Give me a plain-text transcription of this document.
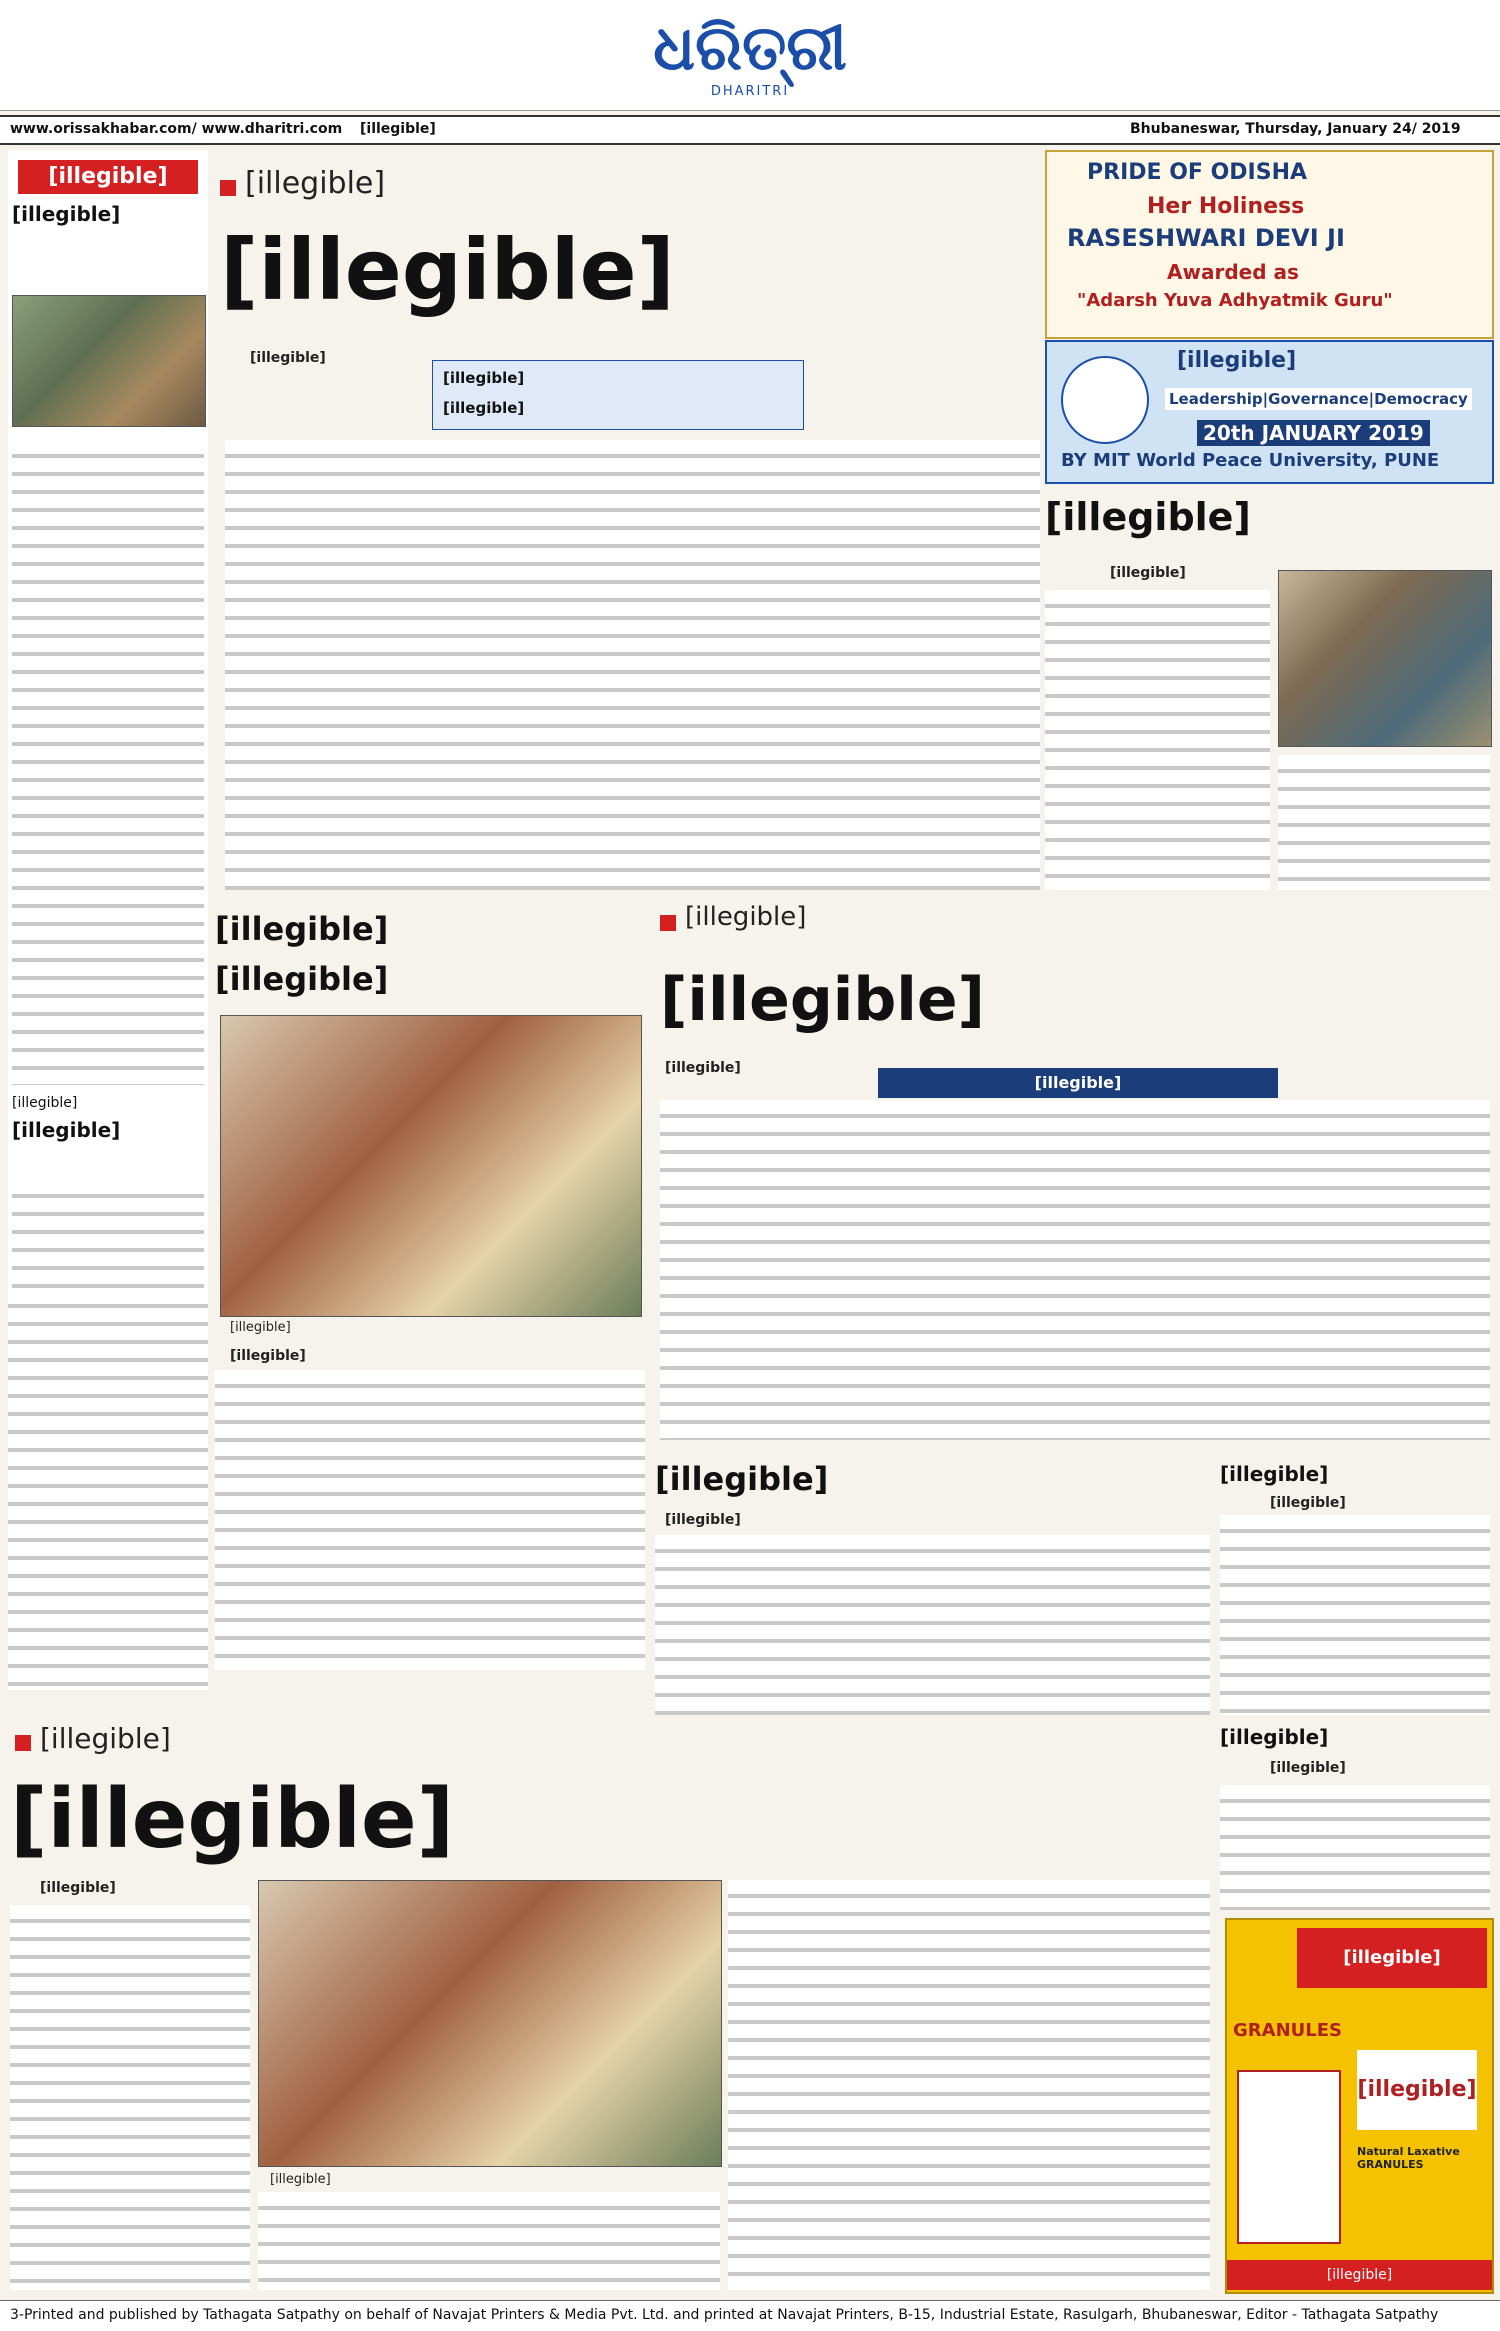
ଧରିତ୍ରୀ
DHARITRI
www.orissakhabar.com/ www.dharitri.com [illegible]	Bhubaneswar, Thursday, January 24/ 2019
[illegible]
[illegible]
[illegible]
[illegible]
[illegible]
[illegible]
[illegible]
[illegible]
[illegible]
PRIDE OF ODISHA
Her Holiness
RASESHWARI DEVI JI
Awarded as
"Adarsh Yuva Adhyatmik Guru"
[illegible]
Leadership|Governance|Democracy
20th JANUARY 2019
BY MIT World Peace University, PUNE
[illegible]
[illegible]
[illegible]
[illegible]
[illegible]
[illegible]
[illegible]
[illegible]
[illegible]
[illegible]
[illegible]
[illegible]
[illegible]
[illegible]
[illegible]
[illegible]
[illegible]
[illegible]
[illegible]
[illegible]
[illegible]
GRANULES
[illegible]
Natural Laxative GRANULES
[illegible]
3-Printed and published by Tathagata Satpathy on behalf of Navajat Printers & Media Pvt. Ltd. and printed at Navajat Printers, B-15, Industrial Estate, Rasulgarh, Bhubaneswar, Editor - Tathagata Satpathy
